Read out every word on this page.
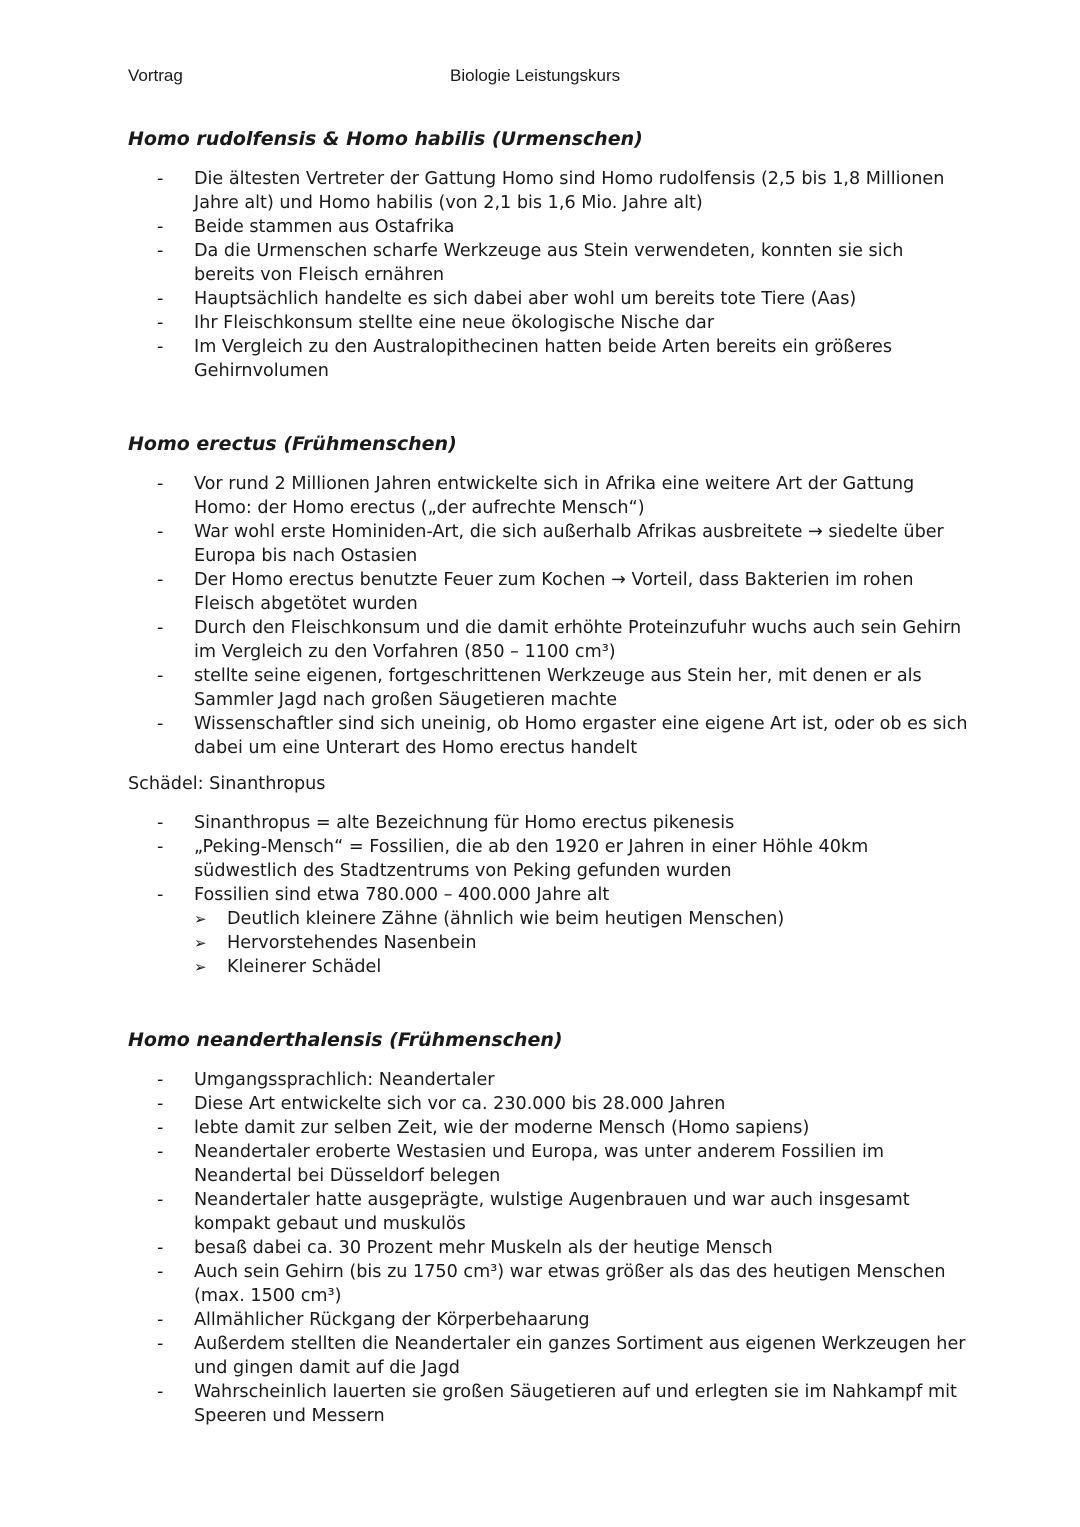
Vortrag	Biologie Leistungskurs
Homo rudolfensis & Homo habilis (Urmenschen)
- Die ältesten Vertreter der Gattung Homo sind Homo rudolfensis (2,5 bis 1,8 Millionen Jahre alt) und Homo habilis (von 2,1 bis 1,6 Mio. Jahre alt)
- Beide stammen aus Ostafrika
- Da die Urmenschen scharfe Werkzeuge aus Stein verwendeten, konnten sie sich bereits von Fleisch ernähren
- Hauptsächlich handelte es sich dabei aber wohl um bereits tote Tiere (Aas)
- Ihr Fleischkonsum stellte eine neue ökologische Nische dar
- Im Vergleich zu den Australopithecinen hatten beide Arten bereits ein größeres Gehirnvolumen
Homo erectus (Frühmenschen)
- Vor rund 2 Millionen Jahren entwickelte sich in Afrika eine weitere Art der Gattung Homo: der Homo erectus („der aufrechte Mensch“)
- War wohl erste Hominiden-Art, die sich außerhalb Afrikas ausbreitete → siedelte über Europa bis nach Ostasien
- Der Homo erectus benutzte Feuer zum Kochen → Vorteil, dass Bakterien im rohen Fleisch abgetötet wurden
- Durch den Fleischkonsum und die damit erhöhte Proteinzufuhr wuchs auch sein Gehirn im Vergleich zu den Vorfahren (850 – 1100 cm³)
- stellte seine eigenen, fortgeschrittenen Werkzeuge aus Stein her, mit denen er als Sammler Jagd nach großen Säugetieren machte
- Wissenschaftler sind sich uneinig, ob Homo ergaster eine eigene Art ist, oder ob es sich dabei um eine Unterart des Homo erectus handelt

Schädel: Sinanthropus

- Sinanthropus = alte Bezeichnung für Homo erectus pikenesis
- „Peking-Mensch“ = Fossilien, die ab den 1920 er Jahren in einer Höhle 40km südwestlich des Stadtzentrums von Peking gefunden wurden
- Fossilien sind etwa 780.000 – 400.000 Jahre alt
➢ Deutlich kleinere Zähne (ähnlich wie beim heutigen Menschen)
➢ Hervorstehendes Nasenbein
➢ Kleinerer Schädel
Homo neanderthalensis (Frühmenschen)
- Umgangssprachlich: Neandertaler
- Diese Art entwickelte sich vor ca. 230.000 bis 28.000 Jahren
- lebte damit zur selben Zeit, wie der moderne Mensch (Homo sapiens)
- Neandertaler eroberte Westasien und Europa, was unter anderem Fossilien im Neandertal bei Düsseldorf belegen
- Neandertaler hatte ausgeprägte, wulstige Augenbrauen und war auch insgesamt kompakt gebaut und muskulös
- besaß dabei ca. 30 Prozent mehr Muskeln als der heutige Mensch
- Auch sein Gehirn (bis zu 1750 cm³) war etwas größer als das des heutigen Menschen (max. 1500 cm³)
- Allmählicher Rückgang der Körperbehaarung
- Außerdem stellten die Neandertaler ein ganzes Sortiment aus eigenen Werkzeugen her und gingen damit auf die Jagd
- Wahrscheinlich lauerten sie großen Säugetieren auf und erlegten sie im Nahkampf mit Speeren und Messern
